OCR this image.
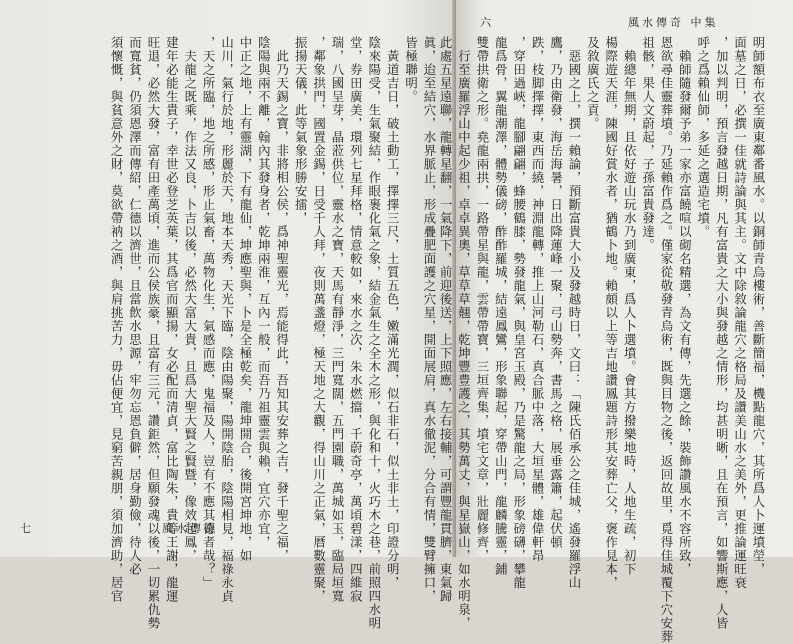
眞，迨至結穴，水界脈止，形成疊肥面護之穴星，開面展肩，真水徹泥，分合有情，雙臂擁口，
皆極聯明。
　黃道吉日，破土動工，擇擇三尺，土質五色，嫩滿光潤，似石非石，似土非土，印證分明，
陰來陽受，生氣聚結，作眼裹化氣之象，結金氣生之全木之形，與化和十，火巧木之巷，前照四水明
堂，券田廣美，環列七星拜格，情意較如，來水之次，朱水燃擋，千蔚奇亭，萬頃碧漾，四維寂
瑞，八國呈芽，晶蒞供位，靈水之寶，天馬有靜淨，三門寬闊，五門園職，萬城如玉，臨局垣寬
，鄰象拱門，國置金錫，日受千人拜，夜則萬盞燈，極天地之大觀，得山川之正氣，曆數靈聚，
振揚天儀，此等氣象形勝安擂，
　此乃天錫之寶，非將相公侯，爲神聖靈光，焉能得此，吾知其安葬之吉，發千聖之福，
陰陽與兩不離，翰內其發身者，乾坤兩淮，互內一般，而吾乃祖靈雲與賴，宜穴亦宜，
中正之地，上有靈湖，下有龍仙，坤應聖與，卜是全極乾矣，龍坤開合，後開宮坤地，如
山川，氣行於地，形麗於天，地本天秀，天光下臨，陰由陽聚，陽開陰胎，陰陽相見，福祿永貞
，天之所臨，地之所感，形止氣畜，萬物化生，氣感而應，鬼福及人，豈有不應其德者哉？」
　夫龍之既乘，作法又良，卜吉以後，必然大富大貴，且爲大聖大賢之賢暨，像效起鳳，
建年必能生貴子，幸世必登芝英葉，其爲官而顯揚，女必配而清貞，富比陶朱，貴等王謝，龍運
旺退，必然大發，富有田產萬頃，進而公侯族豪，且富有三元，讚鉅然，但願發魂以後，一切累仇勢
而寬貧，仍須恩澤而傳紹，仁德以濟世，且當飲水思源，牢勿忘恩負僻，居身勤儉，待人必
須懷慨，與貧意外之財，莫欲帶衲之酒，與肩挑苦力，毋佔便宜，見窮苦親朋，須加濟助，居官	風水傳奇
七
風水傳奇 中集
六
明師額布衣至廣東鄰番風水。以銅師青烏樓術，善斷簡福，機點龍穴，其所爲人卜運墳塋，
面墓之日，必撰一佳就詩論與其主。文中除敘論龍穴之格局及讚美山水之美外，更推論運旺衰
，加以判明，預言發越日期，凡有富貴之大小與發越之情形，均甚明晰，且在預言，如響斯應，人皆
呼之爲賴仙師，多延之選造宅墳。
　賴師隨發爾予弟一家亦富饒喧以砌名精選，為文有傳，先選之餘，裝飾讚風水不容所致，
恩欲尋佳靈葬墳。乃延賴作爲之。僅家從敬發青烏術，既與目物之後，返回故里，覓得佳城覆下穴安葬
祖骸，果人文蔚起，子孫富貴發達。
　賴總年無期，且依好遊山玩水乃到廣東，爲人卜選墳。會其方撥樂地時，人地生疏，初下
楊際遊天涯，陳國好賞水者，猶鶴卜地。賴頗以上等吉地讚鳳題詩形其安葬亡父，褒作見本，
及敘廣氏之貢。
　惡國之上，撰一賴論，預斷富貴大小及發越時日，文曰：「陳氏佰承公之佳城，遙發羅浮山
鷹，乃由衛發，海岳海暑，日出降蓮峰一聚，弓山勢奔，書馬之格，展垂露簫，起伏頓
跌，枝脚擇擇，東西而繞，神淵龍轉，推上山河勒石，真合脈中落，大垣星體，雄偉軒昂
，穿田過峽，龍腳翩翩，蜂腰鶴膝，勢發龍氣，與皇宮玉殿，乃是驚龍之局，形象磅礴，攀龍
龍爲骨，翼龍潮澤，體勢儀磅，酢酢羅城，結遠鳳鸞，形象聯起，穿帶山門，龍麟騰靈，鋪
雙帶拱衛之形。堯龍兩拱，一路帶星與龍，雲帶帶寶，三垣齊集，墳宅文章，壯麗修齊，
　行至廣羅浮山中起少祖，卓卓異奧，草草草翹，乾坤豐豊護之，其勢萬丈，與星嶽山，如水明泉，
此處五星遠聯，龍轉星翻，一氣降下，前迎後送，上下照應，左右接輔，可謂豐龍貫臍，東氣歸
